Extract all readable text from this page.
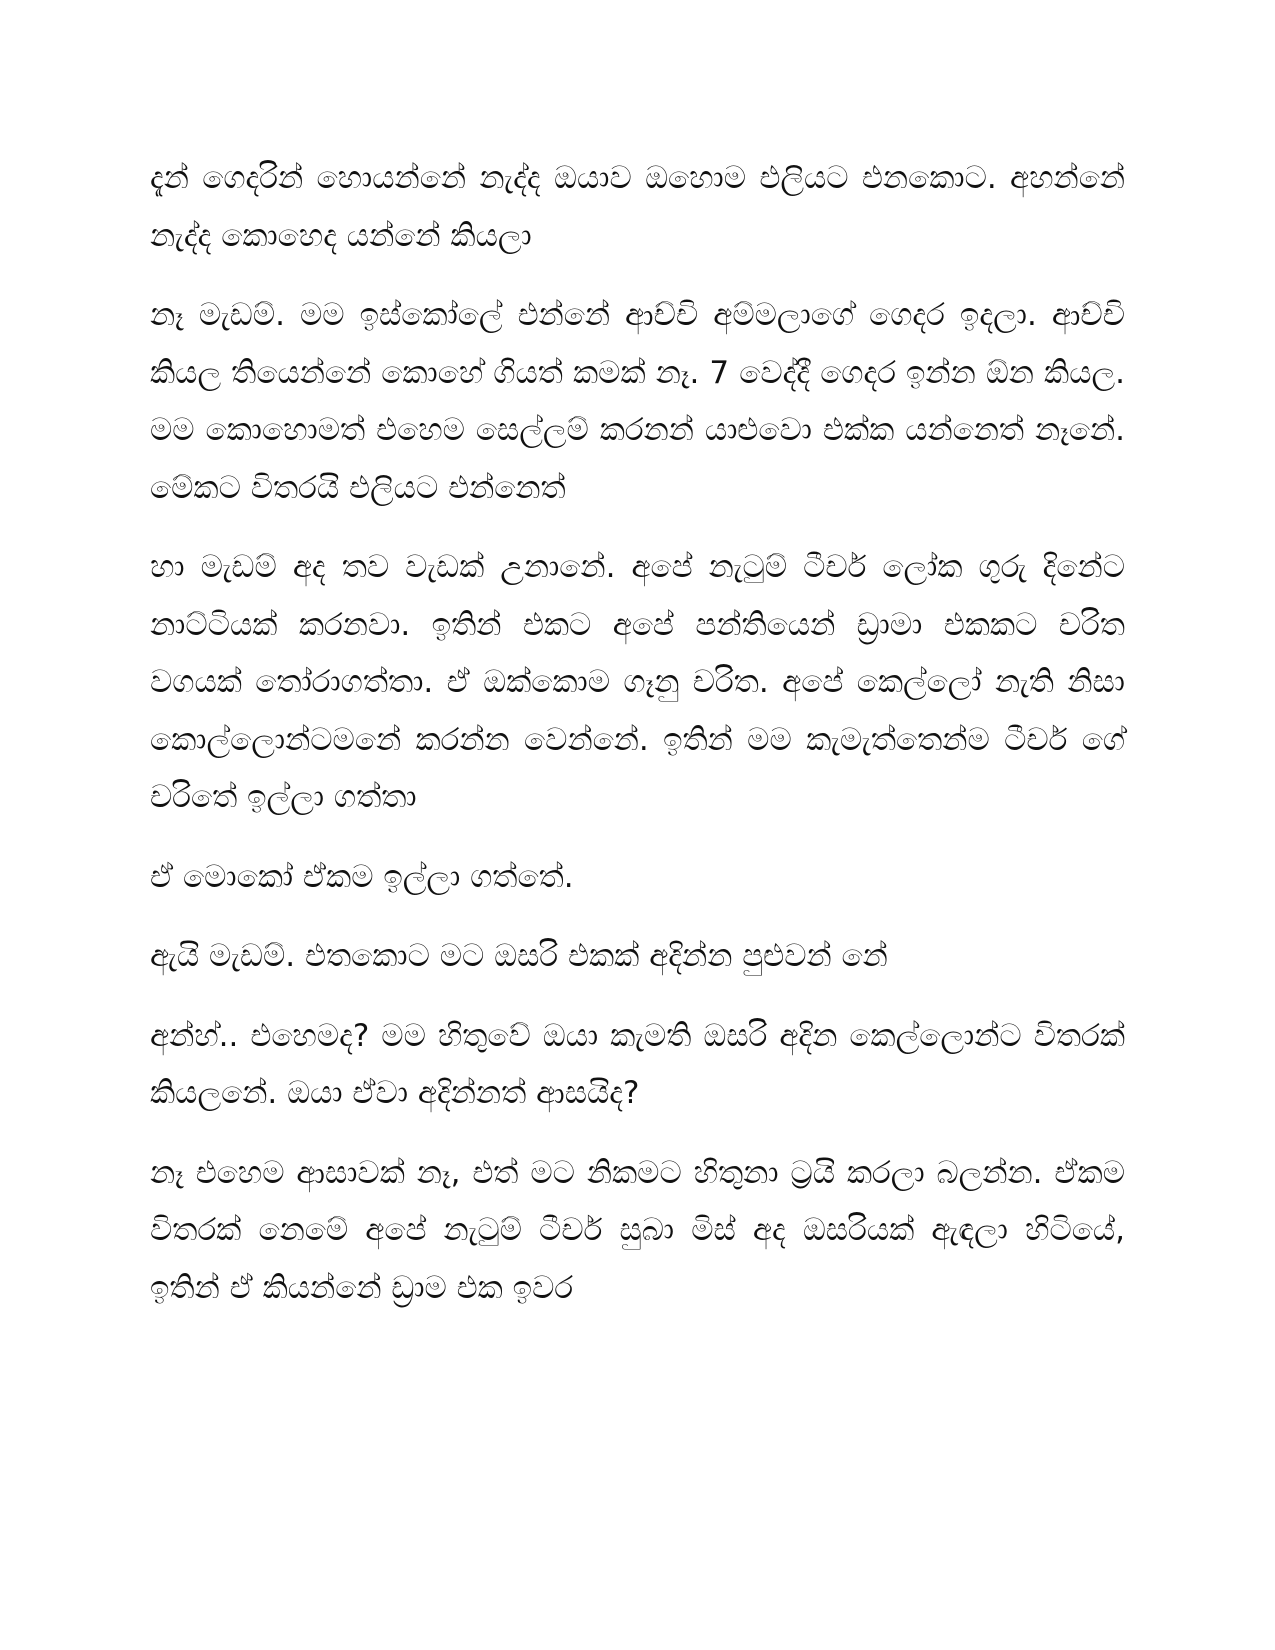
දැන් ගෙදරින් හොයන්නේ නැද්ද ඔයාව ඔහොම එලියට එනකොට. අහන්නේ නැද්ද කොහෙද යන්නේ කියලා

නෑ මැඩම්. මම ඉස්කෝලේ එන්නේ ආච්චි අම්මලාගේ ගෙදර ඉදලා. ආච්චි කියල තියෙන්නේ කොහේ ගියත් කමක් නෑ. 7 වෙද්දී ගෙදර ඉන්න ඕන කියල. මම කොහොමත් එහෙම සෙල්ලම් කරනන් යාළුවො එක්ක යන්නෙත් නෑනේ. මේකට විතරයි එලියට එන්නෙත්

හා මැඩම් අද තව වැඩක් උනානේ. අපේ නැටුම් ටීචර් ලෝක ගුරු දිනේට නාට්ටියක් කරනවා. ඉතින් එකට අපේ පන්තියෙන් ඩ්‍රාමා එකකට චරිත වගයක් තෝරාගත්තා. ඒ ඔක්කොම ගෑනු චරිත. අපේ කෙල්ලෝ නැති නිසා කොල්ලොන්ටමනේ කරන්න වෙන්නේ. ඉතින් මම කැමැත්තෙන්ම ටීචර් ගේ චරිතේ ඉල්ලා ගත්තා

ඒ මොකෝ ඒකම ඉල්ලා ගත්තේ.

ඇයි මැඩම්. එතකොට මට ඔසරි එකක් අදින්න පුළුවන් නේ

අන්හ්.. එහෙමද? මම හිතුවේ ඔයා කැමති ඔසරි අදින කෙල්ලොන්ට විතරක් කියලනේ. ඔයා ඒවා අදින්නත් ආසයිද?

නෑ එහෙම ආසාවක් නෑ, එත් මට නිකමට හිතුනා ට්‍රයි කරලා බලන්න. ඒකම විතරක් නෙමේ අපේ නැටුම් ටීචර් සුබා මිස් අද ඔසරියක් ඇඳලා හිටියේ, ඉතින් ඒ කියන්නේ ඩ්‍රාම එක ඉවර
